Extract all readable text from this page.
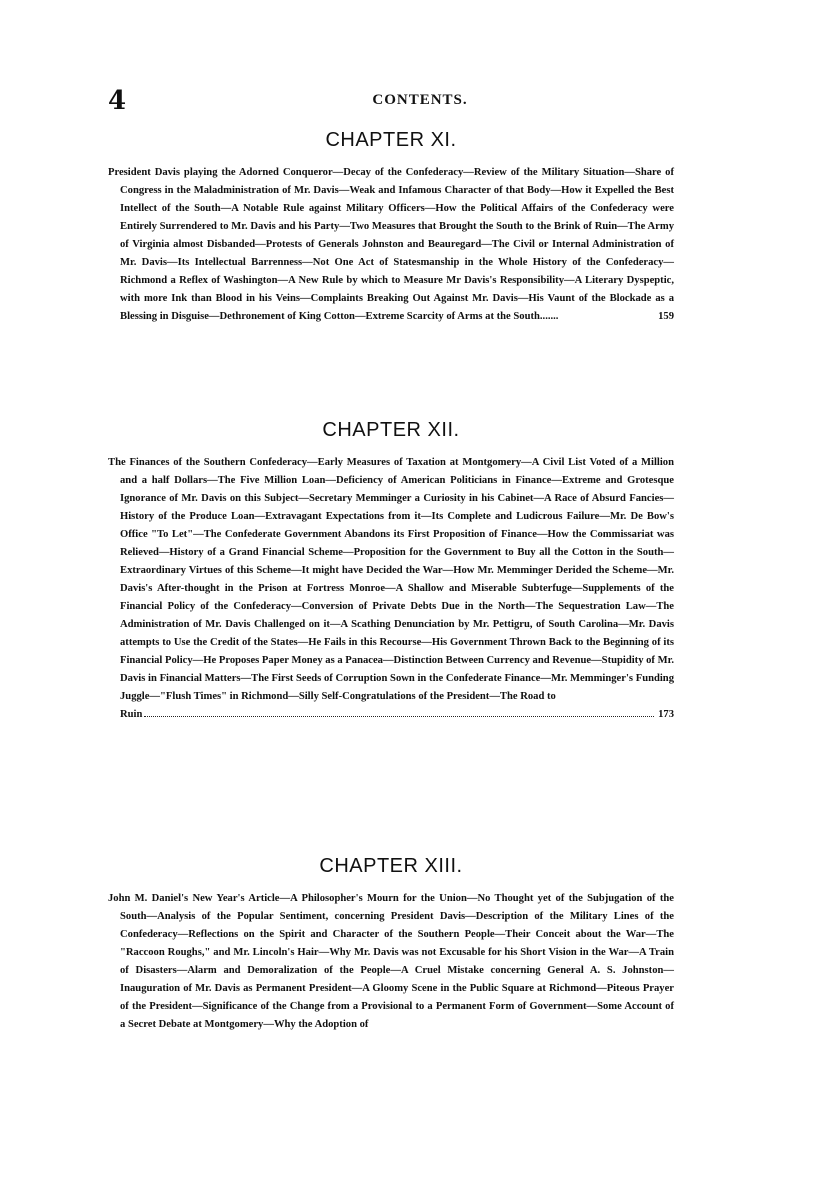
4	CONTENTS.
CHAPTER XI.

President Davis playing the Adorned Conqueror—Decay of the Confederacy—Review of the Military Situation—Share of Congress in the Maladministration of Mr. Davis—Weak and Infamous Character of that Body—How it Expelled the Best Intellect of the South—A Notable Rule against Military Officers—How the Political Affairs of the Confederacy were Entirely Surrendered to Mr. Davis and his Party—Two Measures that Brought the South to the Brink of Ruin—The Army of Virginia almost Disbanded—Protests of Generals Johnston and Beauregard—The Civil or Internal Administration of Mr. Davis—Its Intellectual Barrenness—Not One Act of Statesmanship in the Whole History of the Confederacy—Richmond a Reflex of Washington—A New Rule by which to Measure Mr Davis's Responsibility—A Literary Dyspeptic, with more Ink than Blood in his Veins—Complaints Breaking Out Against Mr. Davis—His Vaunt of the Blockade as a Blessing in Disguise—Dethronement of King Cotton—Extreme Scarcity of Arms at the South.......	159

CHAPTER XII.

The Finances of the Southern Confederacy—Early Measures of Taxation at Montgomery—A Civil List Voted of a Million and a half Dollars—The Five Million Loan—Deficiency of American Politicians in Finance—Extreme and Grotesque Ignorance of Mr. Davis on this Subject—Secretary Memminger a Curiosity in his Cabinet—A Race of Absurd Fancies—History of the Produce Loan—Extravagant Expectations from it—Its Complete and Ludicrous Failure—Mr. De Bow's Office "To Let"—The Confederate Government Abandons its First Proposition of Finance—How the Commissariat was Relieved—History of a Grand Financial Scheme—Proposition for the Government to Buy all the Cotton in the South—Extraordinary Virtues of this Scheme—It might have Decided the War—How Mr. Memminger Derided the Scheme—Mr. Davis's After-thought in the Prison at Fortress Monroe—A Shallow and Miserable Subterfuge—Supplements of the Financial Policy of the Confederacy—Conversion of Private Debts Due in the North—The Sequestration Law—The Administration of Mr. Davis Challenged on it—A Scathing Denunciation by Mr. Pettigru, of South Carolina—Mr. Davis attempts to Use the Credit of the States—He Fails in this Recourse—His Government Thrown Back to the Beginning of its Financial Policy—He Proposes Paper Money as a Panacea—Distinction Between Currency and Revenue—Stupidity of Mr. Davis in Financial Matters—The First Seeds of Corruption Sown in the Confederate Finance—Mr. Memminger's Funding Juggle—"Flush Times" in Richmond—Silly Self-Congratulations of the President—The Road to

Ruin	173
CHAPTER XIII.

John M. Daniel's New Year's Article—A Philosopher's Mourn for the Union—No Thought yet of the Subjugation of the South—Analysis of the Popular Sentiment, concerning President Davis—Description of the Military Lines of the Confederacy—Reflections on the Spirit and Character of the Southern People—Their Conceit about the War—The "Raccoon Roughs," and Mr. Lincoln's Hair—Why Mr. Davis was not Excusable for his Short Vision in the War—A Train of Disasters—Alarm and Demoralization of the People—A Cruel Mistake concerning General A. S. Johnston—Inauguration of Mr. Davis as Permanent President—A Gloomy Scene in the Public Square at Richmond—Piteous Prayer of the President—Significance of the Change from a Provisional to a Permanent Form of Government—Some Account of a Secret Debate at Montgomery—Why the Adoption of
